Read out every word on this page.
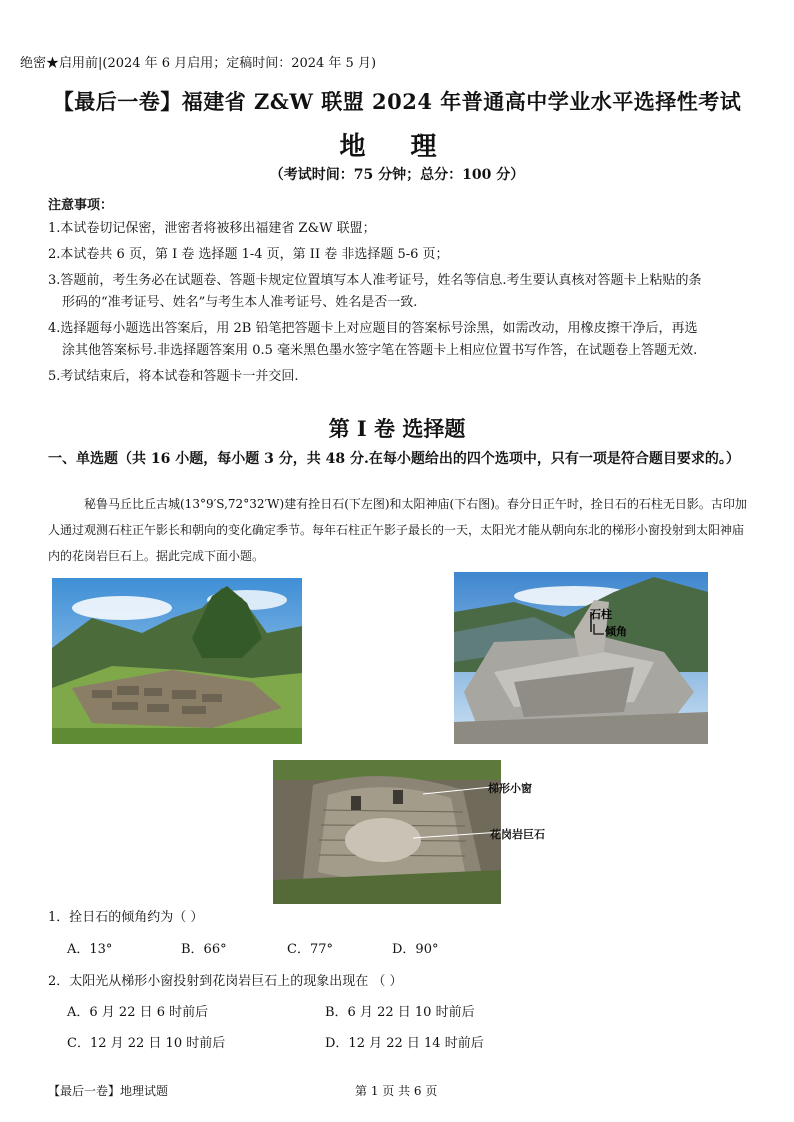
绝密★启用前|(2024 年 6 月启用；定稿时间：2024 年 5 月)
【最后一卷】福建省 Z&W 联盟 2024 年普通高中学业水平选择性考试
地 理
（考试时间：75 分钟；总分：100 分）
注意事项：
1.本试卷切记保密，泄密者将被移出福建省 Z&W 联盟；
2.本试卷共 6 页，第 I 卷 选择题 1-4 页，第 II 卷 非选择题 5-6 页；
3.答题前，考生务必在试题卷、答题卡规定位置填写本人准考证号，姓名等信息.考生要认真核对答题卡上粘贴的条
形码的“准考证号、姓名”与考生本人准考证号、姓名是否一致.
4.选择题每小题选出答案后，用 2B 铅笔把答题卡上对应题目的答案标号涂黑，如需改动，用橡皮擦干净后，再选
涂其他答案标号.非选择题答案用 0.5 毫米黑色墨水签字笔在答题卡上相应位置书写作答，在试题卷上答题无效.
5.考试结束后，将本试卷和答题卡一并交回.
第 I 卷 选择题
一、单选题（共 16 小题，每小题 3 分，共 48 分.在每小题给出的四个选项中，只有一项是符合题目要求的。）
秘鲁马丘比丘古城(13°9′S,72°32′W)建有拴日石(下左图)和太阳神庙(下右图)。春分日正午时，拴日石的石柱无日影。古印加人通过观测石柱正午影长和朝向的变化确定季节。每年石柱正午影子最长的一天，太阳光才能从朝向东北的梯形小窗投射到太阳神庙内的花岗岩巨石上。据此完成下面小题。
石柱
倾角
梯形小窗
花岗岩巨石
1．拴日石的倾角约为（ ）
A．13°	B．66°	C．77°	D．90°
2．太阳光从梯形小窗投射到花岗岩巨石上的现象出现在 （ ）
A．6 月 22 日 6 时前后	B．6 月 22 日 10 时前后
C．12 月 22 日 10 时前后	D．12 月 22 日 14 时前后
【最后一卷】地理试题	第 1 页 共 6 页
